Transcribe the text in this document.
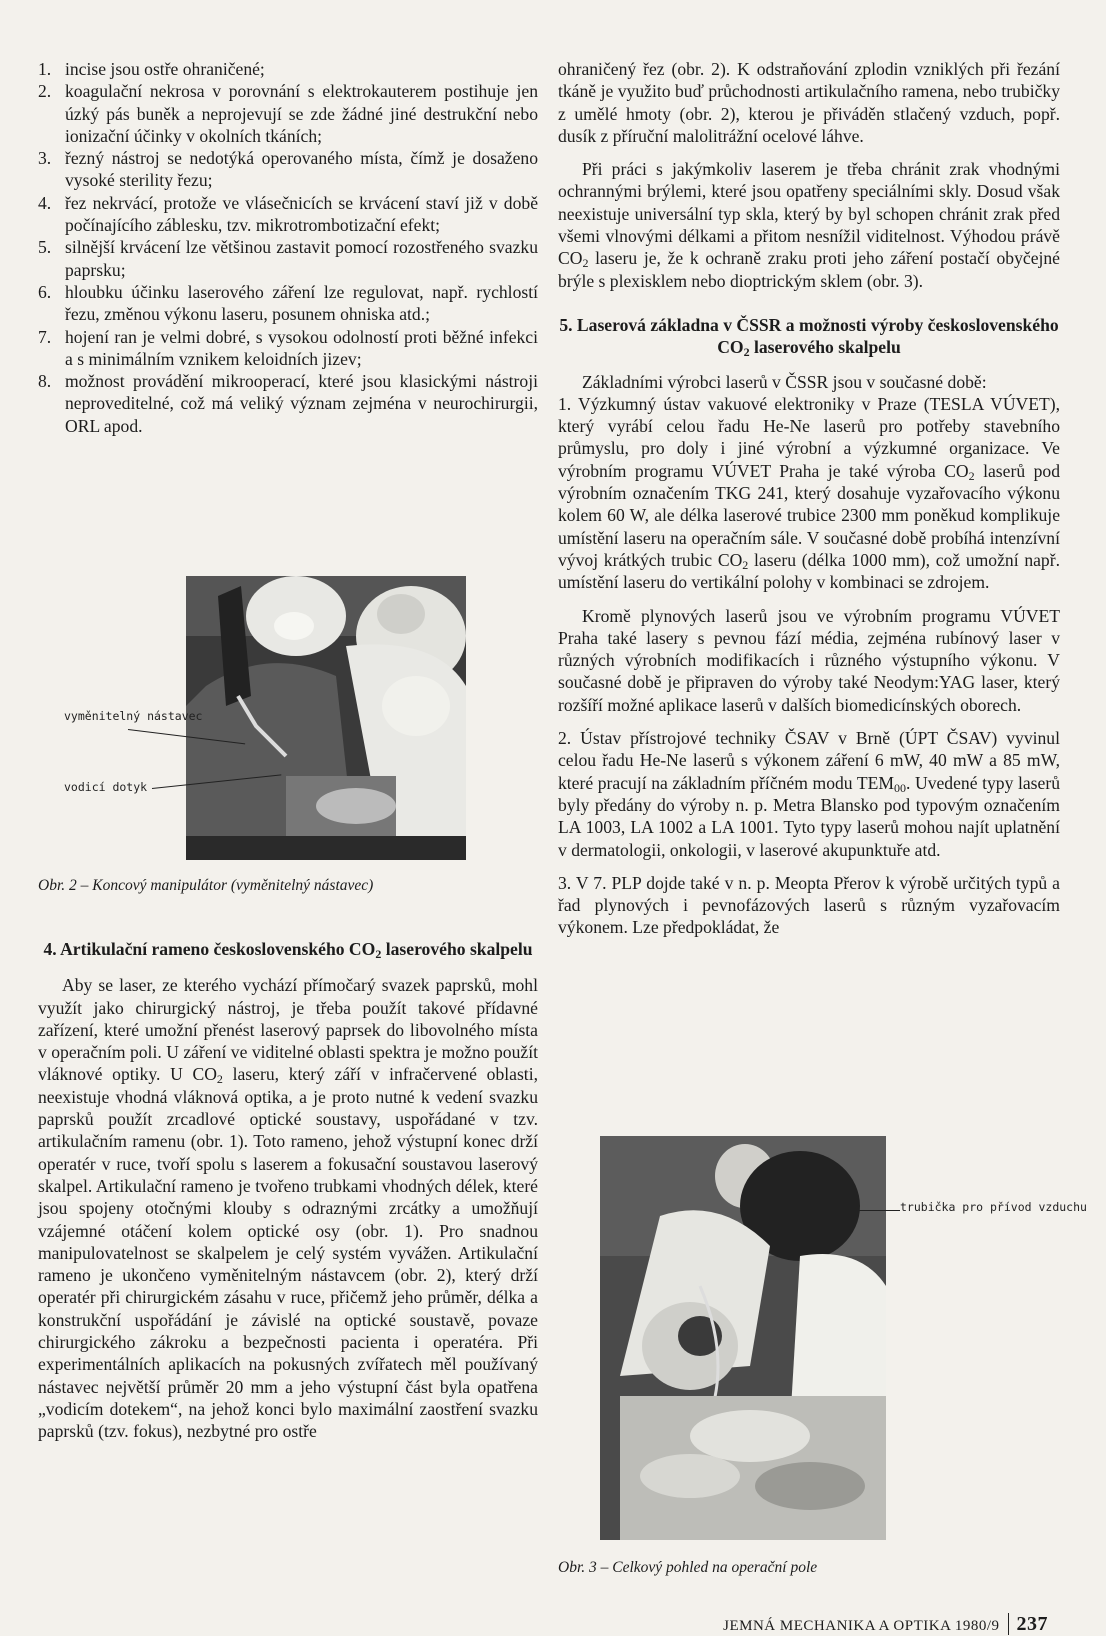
1. incise jsou ostře ohraničené;
2. koagulační nekrosa v porovnání s elektrokauterem postihuje jen úzký pás buněk a neprojevují se zde žádné jiné destrukční nebo ionizační účinky v okolních tkáních;
3. řezný nástroj se nedotýká operovaného místa, čímž je dosaženo vysoké sterility řezu;
4. řez nekrvácí, protože ve vlásečnicích se krvácení staví již v době počínajícího záblesku, tzv. mikrotrombotizační efekt;
5. silnější krvácení lze většinou zastavit pomocí rozostřeného svazku paprsku;
6. hloubku účinku laserového záření lze regulovat, např. rychlostí řezu, změnou výkonu laseru, posunem ohniska atd.;
7. hojení ran je velmi dobré, s vysokou odolností proti běžné infekci a s minimálním vznikem keloidních jizev;
8. možnost provádění mikrooperací, které jsou klasickými nástroji neproveditelné, což má veliký význam zejména v neurochirurgii, ORL apod.
vyměnitelný nástavec
vodicí dotyk
Obr. 2 – Koncový manipulátor (vyměnitelný nástavec)
4. Artikulační rameno československého $CO_2$ laserového skalpelu

Aby se laser, ze kterého vychází přímočarý svazek paprsků, mohl využít jako chirurgický nástroj, je třeba použít takové přídavné zařízení, které umožní přenést laserový paprsek do libovolného místa v operačním poli. U záření ve viditelné oblasti spektra je možno použít vláknové optiky. U $CO_2$ laseru, který září v infračervené oblasti, neexistuje vhodná vláknová optika, a je proto nutné k vedení svazku paprsků použít zrcadlové optické soustavy, uspořádané v tzv. artikulačním ramenu (obr. 1). Toto rameno, jehož výstupní konec drží operatér v ruce, tvoří spolu s laserem a fokusační soustavou laserový skalpel. Artikulační rameno je tvořeno trubkami vhodných délek, které jsou spojeny otočnými klouby s odraznými zrcátky a umožňují vzájemné otáčení kolem optické osy (obr. 1). Pro snadnou manipulovatelnost se skalpelem je celý systém vyvážen. Artikulační rameno je ukončeno vyměnitelným nástavcem (obr. 2), který drží operatér při chirurgickém zásahu v ruce, přičemž jeho průměr, délka a konstrukční uspořádání je závislé na optické soustavě, povaze chirurgického zákroku a bezpečnosti pacienta i operatéra. Při experimentálních aplikacích na pokusných zvířatech měl používaný nástavec největší průměr 20 mm a jeho výstupní část byla opatřena „vodicím dotekem“, na jehož konci bylo maximální zaostření svazku paprsků (tzv. fokus), nezbytné pro ostře

ohraničený řez (obr. 2). K odstraňování zplodin vzniklých při řezání tkáně je využito buď průchodnosti artikulačního ramena, nebo trubičky z umělé hmoty (obr. 2), kterou je přiváděn stlačený vzduch, popř. dusík z příruční malolitrážní ocelové láhve.

Při práci s jakýmkoliv laserem je třeba chránit zrak vhodnými ochrannými brýlemi, které jsou opatřeny speciálními skly. Dosud však neexistuje universální typ skla, který by byl schopen chránit zrak před všemi vlnovými délkami a přitom nesnížil viditelnost. Výhodou právě $CO_2$ laseru je, že k ochraně zraku proti jeho záření postačí obyčejné brýle s plexisklem nebo dioptrickým sklem (obr. 3).

5. Laserová základna v ČSSR a možnosti výroby československého $CO_2$ laserového skalpelu

Základními výrobci laserů v ČSSR jsou v současné době:

1. Výzkumný ústav vakuové elektroniky v Praze (TESLA VÚVET), který vyrábí celou řadu He-Ne laserů pro potřeby stavebního průmyslu, pro doly i jiné výrobní a výzkumné organizace. Ve výrobním programu VÚVET Praha je také výroba $CO_2$ laserů pod výrobním označením TKG 241, který dosahuje vyzařovacího výkonu kolem 60 W, ale délka laserové trubice 2300 mm poněkud komplikuje umístění laseru na operačním sále. V současné době probíhá intenzívní vývoj krátkých trubic $CO_2$ laseru (délka 1000 mm), což umožní např. umístění laseru do vertikální polohy v kombinaci se zdrojem.

Kromě plynových laserů jsou ve výrobním programu VÚVET Praha také lasery s pevnou fází média, zejména rubínový laser v různých výrobních modifikacích i různého výstupního výkonu. V současné době je připraven do výroby také Neodym:YAG laser, který rozšíří možné aplikace laserů v dalších biomedicínských oborech.

2. Ústav přístrojové techniky ČSAV v Brně (ÚPT ČSAV) vyvinul celou řadu He-Ne laserů s výkonem záření 6 mW, 40 mW a 85 mW, které pracují na základním příčném modu $TEM_{00}$. Uvedené typy laserů byly předány do výroby n. p. Metra Blansko pod typovým označením LA 1003, LA 1002 a LA 1001. Tyto typy laserů mohou najít uplatnění v dermatologii, onkologii, v laserové akupunktuře atd.

3. V 7. PLP dojde také v n. p. Meopta Přerov k výrobě určitých typů a řad plynových i pevnofázových laserů s různým vyzařovacím výkonem. Lze předpokládat, že

trubička pro přívod vzduchu
Obr. 3 – Celkový pohled na operační pole
JEMNÁ MECHANIKA A OPTIKA 1980/9 237
